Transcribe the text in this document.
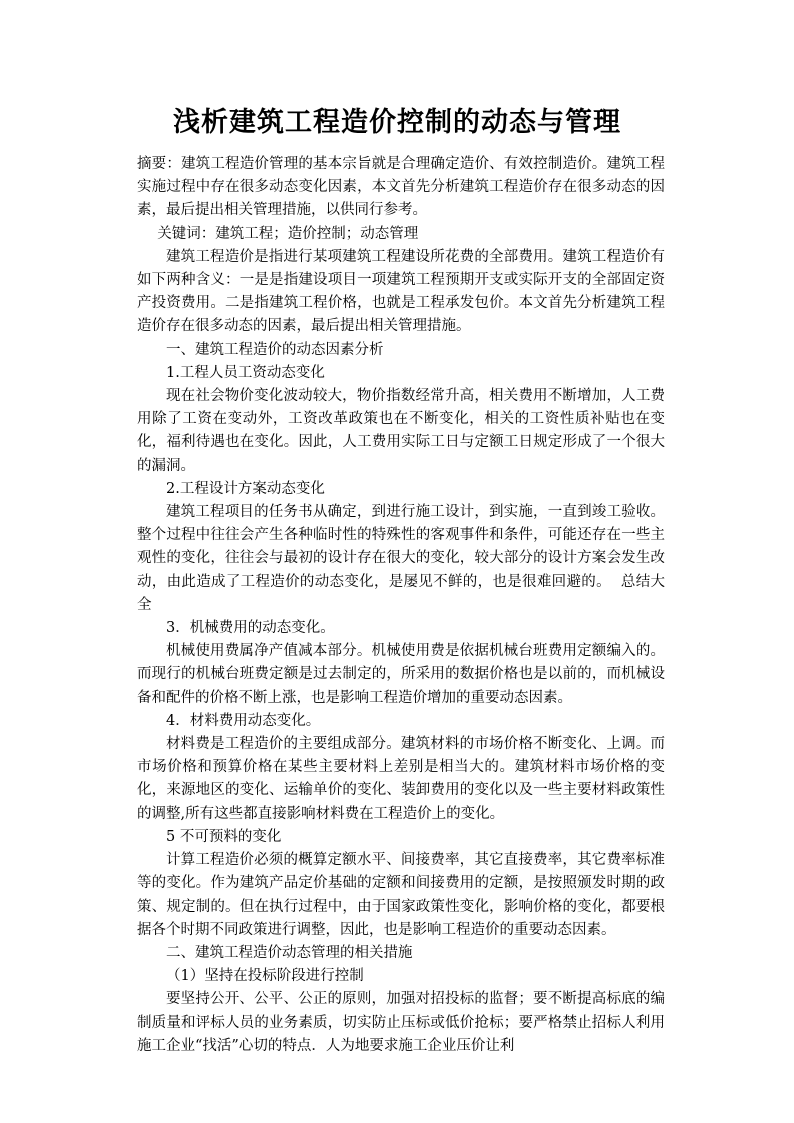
浅析建筑工程造价控制的动态与管理

摘要：建筑工程造价管理的基本宗旨就是合理确定造价、有效控制造价。建筑工程实施过程中存在很多动态变化因素，本文首先分析建筑工程造价存在很多动态的因素，最后提出相关管理措施，以供同行参考。

关键词：建筑工程；造价控制；动态管理

建筑工程造价是指进行某项建筑工程建设所花费的全部费用。建筑工程造价有如下两种含义：一是是指建设项目一项建筑工程预期开支或实际开支的全部固定资产投资费用。二是指建筑工程价格，也就是工程承发包价。本文首先分析建筑工程造价存在很多动态的因素，最后提出相关管理措施。

一、建筑工程造价的动态因素分析

1.工程人员工资动态变化

现在社会物价变化波动较大，物价指数经常升高，相关费用不断增加，人工费用除了工资在变动外，工资改革政策也在不断变化，相关的工资性质补贴也在变化，福利待遇也在变化。因此，人工费用实际工日与定额工日规定形成了一个很大的漏洞。

2.工程设计方案动态变化

建筑工程项目的任务书从确定，到进行施工设计，到实施，一直到竣工验收。整个过程中往往会产生各种临时性的特殊性的客观事件和条件，可能还存在一些主观性的变化，往往会与最初的设计存在很大的变化，较大部分的设计方案会发生改动，由此造成了工程造价的动态变化，是屡见不鲜的，也是很难回避的。 总结大全

3．机械费用的动态变化。

机械使用费属净产值减本部分。机械使用费是依据机械台班费用定额编入的。而现行的机械台班费定额是过去制定的，所采用的数据价格也是以前的，而机械设备和配件的价格不断上涨，也是影响工程造价增加的重要动态因素。

4．材料费用动态变化。

材料费是工程造价的主要组成部分。建筑材料的市场价格不断变化、上调。而市场价格和预算价格在某些主要材料上差别是相当大的。建筑材料市场价格的变化，来源地区的变化、运输单价的变化、装卸费用的变化以及一些主要材料政策性的调整,所有这些都直接影响材料费在工程造价上的变化。

5 不可预料的变化

计算工程造价必须的概算定额水平、间接费率，其它直接费率，其它费率标准等的变化。作为建筑产品定价基础的定额和间接费用的定额，是按照颁发时期的政策、规定制的。但在执行过程中，由于国家政策性变化，影响价格的变化，都要根据各个时期不同政策进行调整，因此，也是影响工程造价的重要动态因素。

二、建筑工程造价动态管理的相关措施

（1）坚持在投标阶段进行控制

要坚持公开、公平、公正的原则，加强对招投标的监督；要不断提高标底的编制质量和评标人员的业务素质，切实防止压标或低价抢标；要严格禁止招标人利用施工企业“找活”心切的特点．人为地要求施工企业压价让利
